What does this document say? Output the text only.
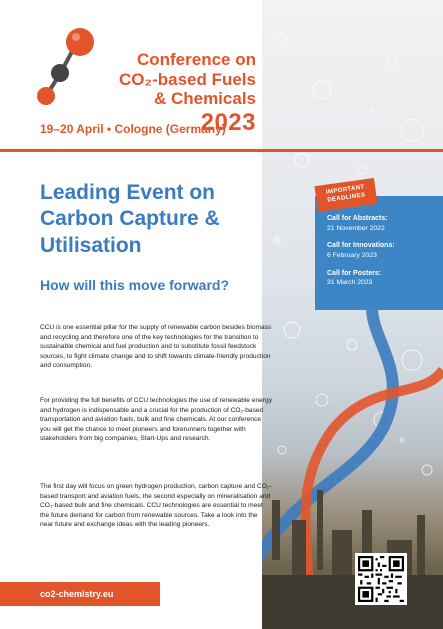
Conference on
CO₂-based Fuels
& Chemicals 2023
19–20 April • Cologne (Germany)
Leading Event on Carbon Capture & Utilisation
How will this move forward?
CCU is one essential pillar for the supply of renewable carbon besides biomass and recycling and therefore one of the key technologies for the transition to sustainable chemical and fuel production and to substitute fossil feedstock sources, to fight climate change and to shift towards climate-friendly production and consumption.
For providing the full benefits of CCU technologies the use of renewable energy and hydrogen is indispensable and a crucial for the production of CO₂-based transportation and aviation fuels, bulk and fine chemicals. At our conference you will get the chance to meet pioneers and forerunners together with stakeholders from big companies, Start-Ups and research.
The first day will focus on green hydrogen production, carbon capture and CO₂-based transport and aviation fuels, the second especially on mineralisation and CO₂-based bulk and fine chemicals. CCU technologies are essential to meet the future demand for carbon from renewable sources. Take a look into the near future and exchange ideas with the leading pioneers.
Call for Abstracts:
21 November 2022
Call for Innovations:
6 February 2023
Call for Posters:
31 March 2023
IMPORTANT DEADLINES
co2-chemistry.eu
